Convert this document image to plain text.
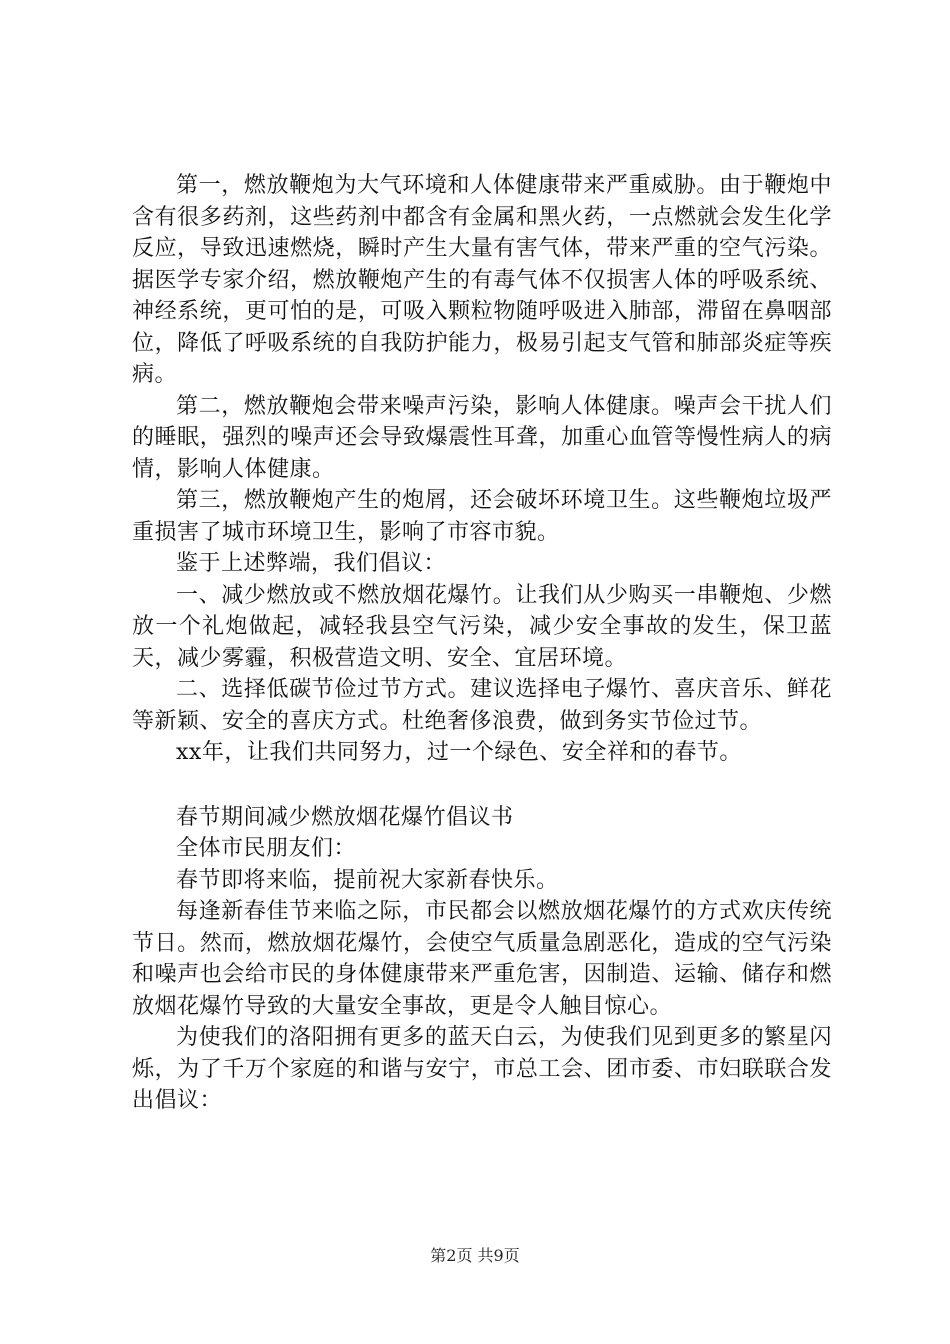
第一，燃放鞭炮为大气环境和人体健康带来严重威胁。由于鞭炮中含有很多药剂，这些药剂中都含有金属和黑火药，一点燃就会发生化学反应，导致迅速燃烧，瞬时产生大量有害气体，带来严重的空气污染。据医学专家介绍，燃放鞭炮产生的有毒气体不仅损害人体的呼吸系统、神经系统，更可怕的是，可吸入颗粒物随呼吸进入肺部，滞留在鼻咽部位，降低了呼吸系统的自我防护能力，极易引起支气管和肺部炎症等疾病。

第二，燃放鞭炮会带来噪声污染，影响人体健康。噪声会干扰人们的睡眠，强烈的噪声还会导致爆震性耳聋，加重心血管等慢性病人的病情，影响人体健康。

第三，燃放鞭炮产生的炮屑，还会破坏环境卫生。这些鞭炮垃圾严重损害了城市环境卫生，影响了市容市貌。

鉴于上述弊端，我们倡议：

一、减少燃放或不燃放烟花爆竹。让我们从少购买一串鞭炮、少燃放一个礼炮做起，减轻我县空气污染，减少安全事故的发生，保卫蓝天，减少雾霾，积极营造文明、安全、宜居环境。

二、选择低碳节俭过节方式。建议选择电子爆竹、喜庆音乐、鲜花等新颖、安全的喜庆方式。杜绝奢侈浪费，做到务实节俭过节。

xx年，让我们共同努力，过一个绿色、安全祥和的春节。

春节期间减少燃放烟花爆竹倡议书

全体市民朋友们：

春节即将来临，提前祝大家新春快乐。

每逢新春佳节来临之际，市民都会以燃放烟花爆竹的方式欢庆传统节日。然而，燃放烟花爆竹，会使空气质量急剧恶化，造成的空气污染和噪声也会给市民的身体健康带来严重危害，因制造、运输、储存和燃放烟花爆竹导致的大量安全事故，更是令人触目惊心。

为使我们的洛阳拥有更多的蓝天白云，为使我们见到更多的繁星闪烁，为了千万个家庭的和谐与安宁，市总工会、团市委、市妇联联合发出倡议：

第2页 共9页
